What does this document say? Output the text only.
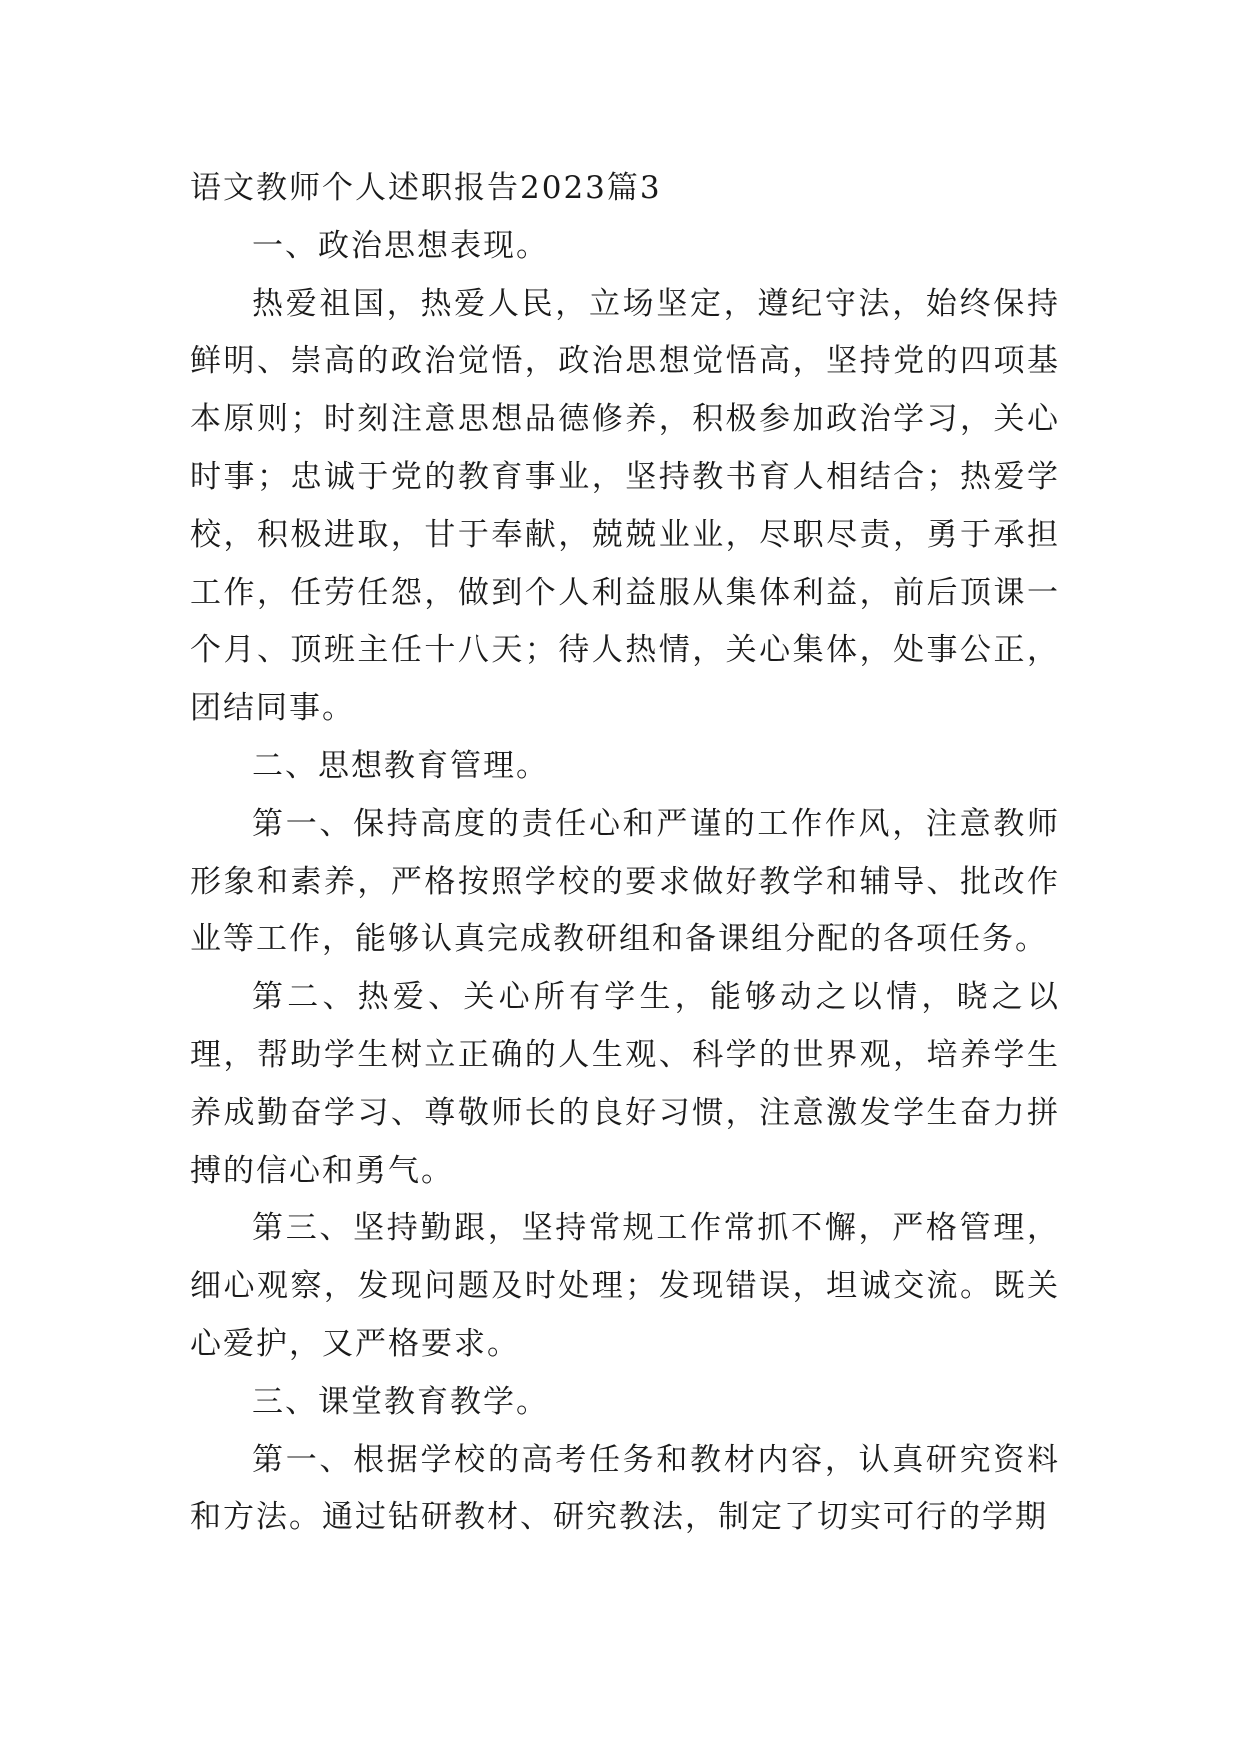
语文教师个人述职报告2023篇3

一、政治思想表现。

热爱祖国，热爱人民，立场坚定，遵纪守法，始终保持鲜明、崇高的政治觉悟，政治思想觉悟高，坚持党的四项基本原则；时刻注意思想品德修养，积极参加政治学习，关心时事；忠诚于党的教育事业，坚持教书育人相结合；热爱学校，积极进取，甘于奉献，兢兢业业，尽职尽责，勇于承担工作，任劳任怨，做到个人利益服从集体利益，前后顶课一个月、顶班主任十八天；待人热情，关心集体，处事公正，团结同事。

二、思想教育管理。

第一、保持高度的责任心和严谨的工作作风，注意教师形象和素养，严格按照学校的要求做好教学和辅导、批改作业等工作，能够认真完成教研组和备课组分配的各项任务。

第二、热爱、关心所有学生，能够动之以情，晓之以理，帮助学生树立正确的人生观、科学的世界观，培养学生养成勤奋学习、尊敬师长的良好习惯，注意激发学生奋力拼搏的信心和勇气。

第三、坚持勤跟，坚持常规工作常抓不懈，严格管理，细心观察，发现问题及时处理；发现错误，坦诚交流。既关心爱护，又严格要求。

三、课堂教育教学。

第一、根据学校的高考任务和教材内容，认真研究资料和方法。通过钻研教材、研究教法，制定了切实可行的学期
